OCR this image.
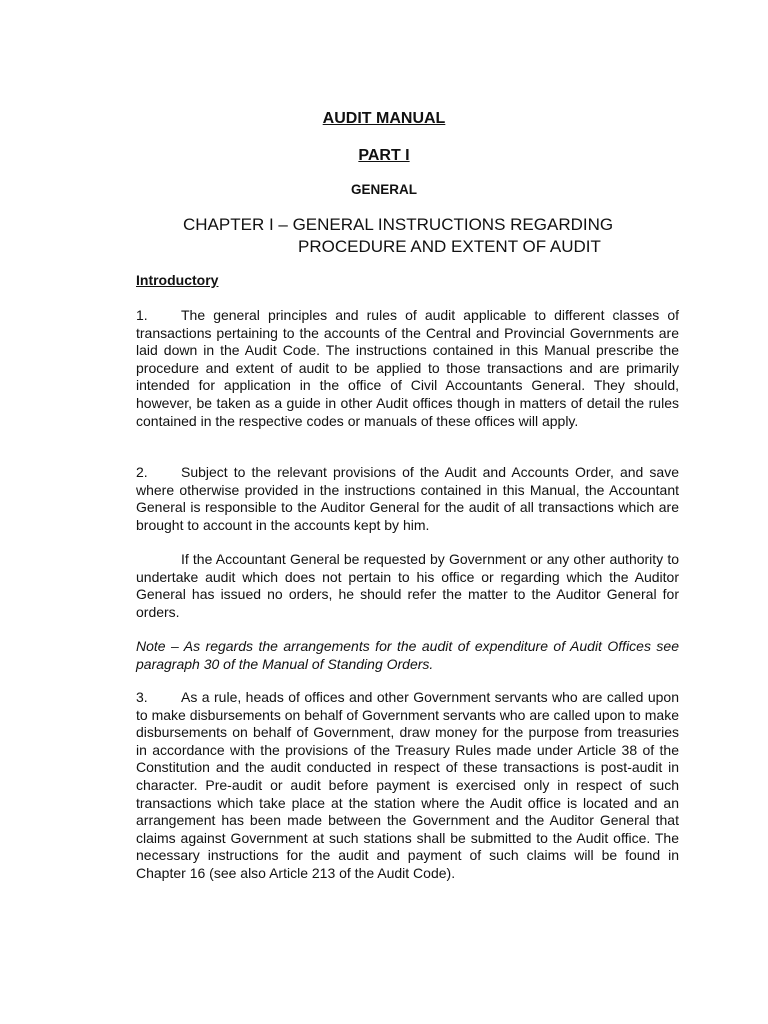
AUDIT MANUAL
PART I
GENERAL
CHAPTER I – GENERAL INSTRUCTIONS REGARDING
PROCEDURE AND EXTENT OF AUDIT
Introductory

1. The general principles and rules of audit applicable to different classes of transactions pertaining to the accounts of the Central and Provincial Governments are laid down in the Audit Code. The instructions contained in this Manual prescribe the procedure and extent of audit to be applied to those transactions and are primarily intended for application in the office of Civil Accountants General. They should, however, be taken as a guide in other Audit offices though in matters of detail the rules contained in the respective codes or manuals of these offices will apply.

2. Subject to the relevant provisions of the Audit and Accounts Order, and save where otherwise provided in the instructions contained in this Manual, the Accountant General is responsible to the Auditor General for the audit of all transactions which are brought to account in the accounts kept by him.

If the Accountant General be requested by Government or any other authority to undertake audit which does not pertain to his office or regarding which the Auditor General has issued no orders, he should refer the matter to the Auditor General for orders.

Note – As regards the arrangements for the audit of expenditure of Audit Offices see paragraph 30 of the Manual of Standing Orders.

3. As a rule, heads of offices and other Government servants who are called upon to make disbursements on behalf of Government servants who are called upon to make disbursements on behalf of Government, draw money for the purpose from treasuries in accordance with the provisions of the Treasury Rules made under Article 38 of the Constitution and the audit conducted in respect of these transactions is post-audit in character. Pre-audit or audit before payment is exercised only in respect of such transactions which take place at the station where the Audit office is located and an arrangement has been made between the Government and the Auditor General that claims against Government at such stations shall be submitted to the Audit office. The necessary instructions for the audit and payment of such claims will be found in Chapter 16 (see also Article 213 of the Audit Code).
